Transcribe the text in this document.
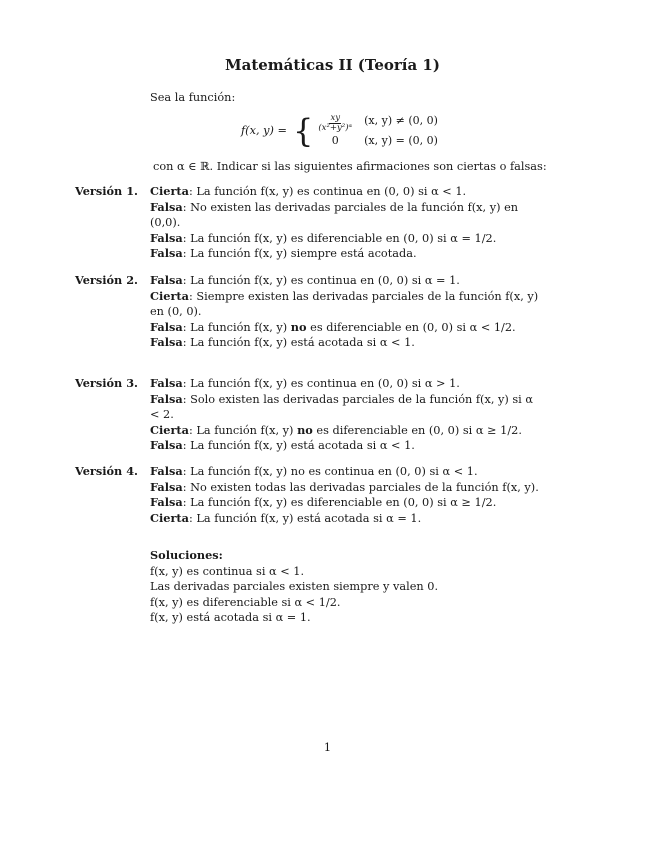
Matemáticas II (Teoría 1)
Sea la función:
f(x, y) = { $\frac{xy}{\text{(x²+y²)ᵅ}} (x$, y) ≠ (0, 0)
0	(x, y) = (0, 0)
con α ∈ ℝ. Indicar si las siguientes afirmaciones son ciertas o falsas:
Versión 1. Cierta: La función f(x, y) es continua en (0, 0) si α < 1.

Falsa: No existen las derivadas parciales de la función f(x, y) en (0,0).

Falsa: La función f(x, y) es diferenciable en (0, 0) si α = 1/2.

Falsa: La función f(x, y) siempre está acotada.

Versión 2. Falsa: La función f(x, y) es continua en (0, 0) si α = 1.

Cierta: Siempre existen las derivadas parciales de la función f(x, y) en (0, 0).

Falsa: La función f(x, y) no es diferenciable en (0, 0) si α < 1/2.

Falsa: La función f(x, y) está acotada si α < 1.

Versión 3. Falsa: La función f(x, y) es continua en (0, 0) si α > 1.

Falsa: Solo existen las derivadas parciales de la función f(x, y) si α < 2.

Cierta: La función f(x, y) no es diferenciable en (0, 0) si α ≥ 1/2.

Falsa: La función f(x, y) está acotada si α < 1.

Versión 4. Falsa: La función f(x, y) no es continua en (0, 0) si α < 1.

Falsa: No existen todas las derivadas parciales de la función f(x, y).

Falsa: La función f(x, y) es diferenciable en (0, 0) si α ≥ 1/2.

Cierta: La función f(x, y) está acotada si α = 1.

Soluciones:
f(x, y) es continua si α < 1.
Las derivadas parciales existen siempre y valen 0.
f(x, y) es diferenciable si α < 1/2.
f(x, y) está acotada si α = 1.
1
